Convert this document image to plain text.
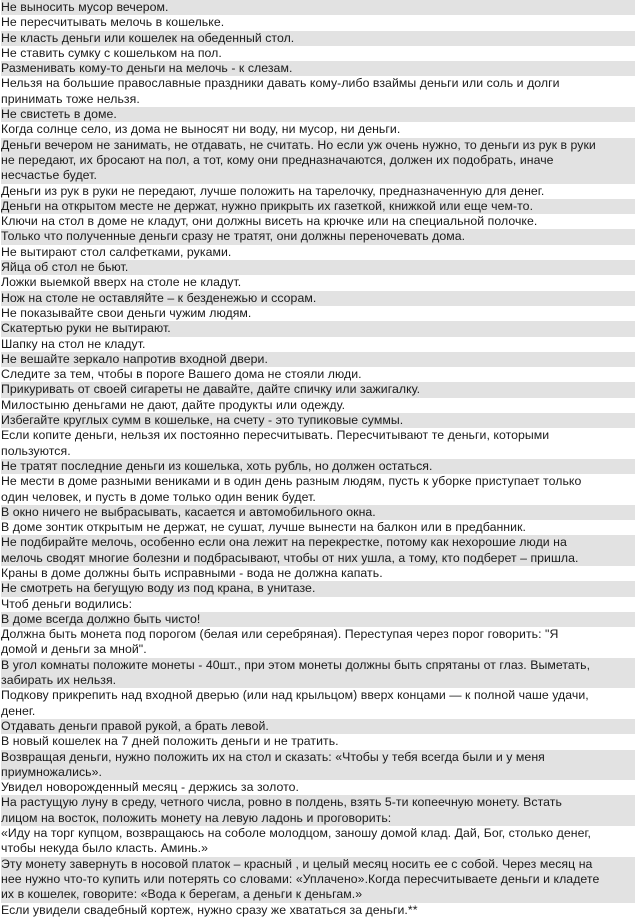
Не выносить мусор вечером.
Не пересчитывать мелочь в кошельке.
Не класть деньги или кошелек на обеденный стол.
Не ставить сумку с кошельком на пол.
Разменивать кому-то деньги на мелочь - к слезам.
Нельзя на большие православные праздники давать кому-либо взаймы деньги или соль и долги
принимать тоже нельзя.
Не свистеть в доме.
Когда солнце село, из дома не выносят ни воду, ни мусор, ни деньги.
Деньги вечером не занимать, не отдавать, не считать. Но если уж очень нужно, то деньги из рук в руки
не передают, их бросают на пол, а тот, кому они предназначаются, должен их подобрать, иначе
несчастье будет.
Деньги из рук в руки не передают, лучше положить на тарелочку, предназначенную для денег.
Деньги на открытом месте не держат, нужно прикрыть их газеткой, книжкой или еще чем-то.
Ключи на стол в доме не кладут, они должны висеть на крючке или на специальной полочке.
Только что полученные деньги сразу не тратят, они должны переночевать дома.
Не вытирают стол салфетками, руками.
Яйца об стол не бьют.
Ложки выемкой вверх на столе не кладут.
Нож на столе не оставляйте – к безденежью и ссорам.
Не показывайте свои деньги чужим людям.
Скатертью руки не вытирают.
Шапку на стол не кладут.
Не вешайте зеркало напротив входной двери.
Следите за тем, чтобы в пороге Вашего дома не стояли люди.
Прикуривать от своей сигареты не давайте, дайте спичку или зажигалку.
Милостыню деньгами не дают, дайте продукты или одежду.
Избегайте круглых сумм в кошельке, на счету - это тупиковые суммы.
Если копите деньги, нельзя их постоянно пересчитывать. Пересчитывают те деньги, которыми
пользуются.
Не тратят последние деньги из кошелька, хоть рубль, но должен остаться.
Не мести в доме разными вениками и в один день разным людям, пусть к уборке приступает только
один человек, и пусть в доме только один веник будет.
В окно ничего не выбрасывать, касается и автомобильного окна.
В доме зонтик открытым не держат, не сушат, лучше вынести на балкон или в предбанник.
Не подбирайте мелочь, особенно если она лежит на перекрестке, потому как нехорошие люди на
мелочь сводят многие болезни и подбрасывают, чтобы от них ушла, а тому, кто подберет – пришла.
Краны в доме должны быть исправными - вода не должна капать.
Не смотреть на бегущую воду из под крана, в унитазе.
Чтоб деньги водились:
В доме всегда должно быть чисто!
Должна быть монета под порогом (белая или серебряная). Переступая через порог говорить: "Я
домой и деньги за мной".
В угол комнаты положите монеты - 40шт., при этом монеты должны быть спрятаны от глаз. Выметать,
забирать их нельзя.
Подкову прикрепить над входной дверью (или над крыльцом) вверх концами — к полной чаше удачи,
денег.
Отдавать деньги правой рукой, а брать левой.
В новый кошелек на 7 дней положить деньги и не тратить.
Возвращая деньги, нужно положить их на стол и сказать: «Чтобы у тебя всегда были и у меня
приумножались».
Увидел новорожденный месяц - держись за золото.
На растущую луну в среду, четного числа, ровно в полдень, взять 5-ти копеечную монету. Встать
лицом на восток, положить монету на левую ладонь и проговорить:
«Иду на торг купцом, возвращаюсь на соболе молодцом, заношу домой клад. Дай, Бог, столько денег,
чтобы некуда было класть. Аминь.»
Эту монету завернуть в носовой платок – красный , и целый месяц носить ее с собой. Через месяц на
нее нужно что-то купить или потерять со словами: «Уплачено».Когда пересчитываете деньги и кладете
их в кошелек, говорите: «Вода к берегам, а деньги к деньгам.»
Если увидели свадебный кортеж, нужно сразу же хвататься за деньги.**
